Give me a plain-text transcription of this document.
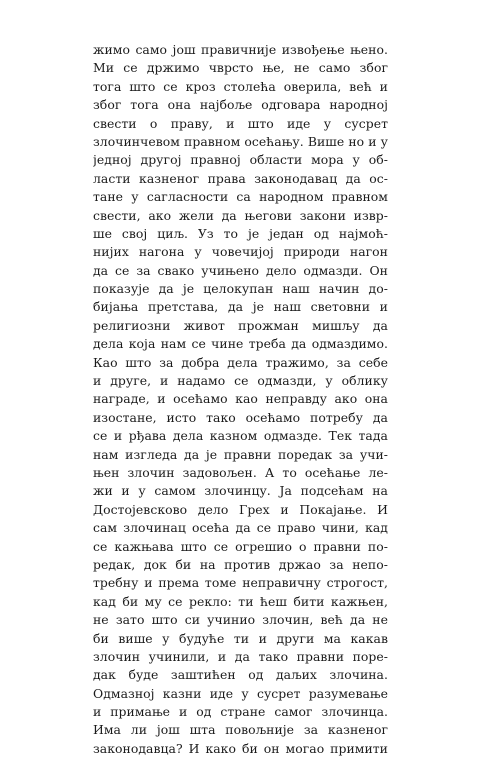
жимо само још правичније извођење њено.
Ми се држимо чврсто ње, не само због
тога што се кроз столећа оверила, већ и
због тога она најбоље одговара народној
свести о праву, и што иде у сусрет
злочинчевом правном осећању. Више но и у
једној другој правној области мора у об-
ласти казненог права законодавац да ос-
тане у сагласности са народном правном
свести, ако жели да његови закони извр-
ше свој циљ. Уз то је један од најмоћ-
нијих нагона у човечијој природи нагон
да се за свако учињено дело одмазди. Он
показује да је целокупан наш начин до-
бијања претстава, да је наш световни и
религиозни живот прожман мишљу да
дела која нам се чине треба да одмаздимо.
Као што за добра дела тражимо, за себе
и друге, и надамо се одмазди, у облику
награде, и осећамо као неправду ако она
изостане, исто тако осећамо потребу да
се и рђава дела казном одмазде. Тек тада
нам изгледа да је правни поредак за учи-
њен злочин задовољен. А то осећање ле-
жи и у самом злочинцу. Ја подсећам на
Достојевсково дело Грех и Покајање. И
сам злочинац осећа да се право чини, кад
се кажњава што се огрешио о правни по-
редак, док би на против држао за непо-
требну и према томе неправичну строгост,
кад би му се рекло: ти ћеш бити кажњен,
не зато што си учинио злочин, већ да не
би више у будуће ти и други ма какав
злочин учинили, и да тако правни поре-
дак буде заштићен од даљих злочина.
Одмазној казни иде у сусрет разумевање
и примање и од стране самог злочинца.
Има ли још шта повољније за казненог
законодавца? И како би он могао примити
